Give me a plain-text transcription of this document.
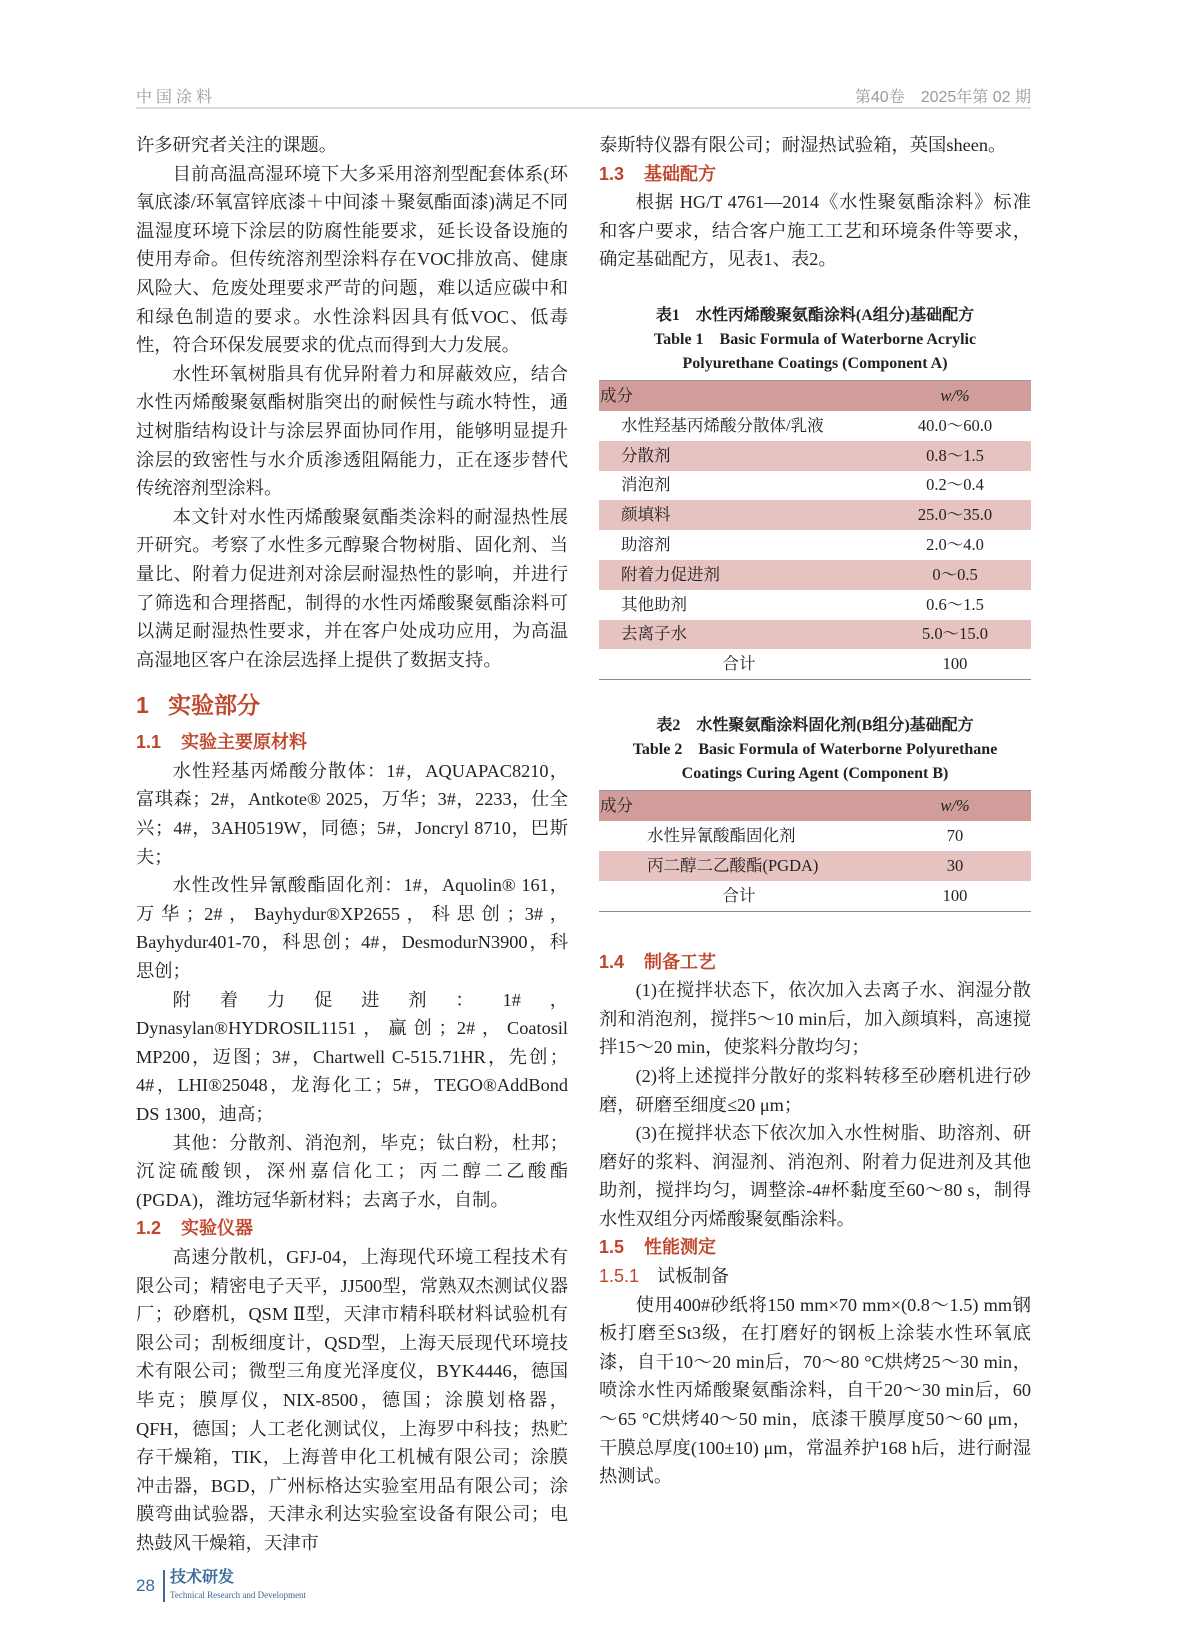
中国涂料	第40卷　2025年第 02 期

许多研究者关注的课题。

目前高温高湿环境下大多采用溶剂型配套体系(环氧底漆/环氧富锌底漆＋中间漆＋聚氨酯面漆)满足不同温湿度环境下涂层的防腐性能要求，延长设备设施的使用寿命。但传统溶剂型涂料存在VOC排放高、健康风险大、危废处理要求严苛的问题，难以适应碳中和和绿色制造的要求。水性涂料因具有低VOC、低毒性，符合环保发展要求的优点而得到大力发展。

水性环氧树脂具有优异附着力和屏蔽效应，结合水性丙烯酸聚氨酯树脂突出的耐候性与疏水特性，通过树脂结构设计与涂层界面协同作用，能够明显提升涂层的致密性与水介质渗透阻隔能力，正在逐步替代传统溶剂型涂料。

本文针对水性丙烯酸聚氨酯类涂料的耐湿热性展开研究。考察了水性多元醇聚合物树脂、固化剂、当量比、附着力促进剂对涂层耐湿热性的影响，并进行了筛选和合理搭配，制得的水性丙烯酸聚氨酯涂料可以满足耐湿热性要求，并在客户处成功应用，为高温高湿地区客户在涂层选择上提供了数据支持。

1 实验部分
1.1 实验主要原材料

水性羟基丙烯酸分散体：1#，AQUAPAC8210，富琪森；2#，Antkote® 2025，万华；3#，2233，仕全兴；4#，3AH0519W，同德；5#，Joncryl 8710，巴斯夫；

水性改性异氰酸酯固化剂：1#，Aquolin® 161，万华；2#，Bayhydur®XP2655，科思创；3#，Bayhydur401-70，科思创；4#，DesmodurN3900，科思创；

附着力促进剂：1#，Dynasylan®HYDROSIL1151，赢创；2#，Coatosil MP200，迈图；3#，Chartwell C-515.71HR，先创；4#，LHI®25048，龙海化工；5#，TEGO®AddBond DS 1300，迪高；

其他：分散剂、消泡剂，毕克；钛白粉，杜邦；沉淀硫酸钡，深州嘉信化工；丙二醇二乙酸酯(PGDA)，潍坊冠华新材料；去离子水，自制。

1.2 实验仪器

高速分散机，GFJ-04，上海现代环境工程技术有限公司；精密电子天平，JJ500型，常熟双杰测试仪器厂；砂磨机，QSM Ⅱ型，天津市精科联材料试验机有限公司；刮板细度计，QSD型，上海天辰现代环境技术有限公司；微型三角度光泽度仪，BYK4446，德国毕克；膜厚仪，NIX-8500，德国；涂膜划格器，QFH，德国；人工老化测试仪，上海罗中科技；热贮存干燥箱，TIK，上海普申化工机械有限公司；涂膜冲击器，BGD，广州标格达实验室用品有限公司；涂膜弯曲试验器，天津永利达实验室设备有限公司；电热鼓风干燥箱，天津市

泰斯特仪器有限公司；耐湿热试验箱，英国sheen。

1.3 基础配方

根据 HG/T 4761—2014《水性聚氨酯涂料》标准和客户要求，结合客户施工工艺和环境条件等要求，确定基础配方，见表1、表2。

表1　水性丙烯酸聚氨酯涂料(A组分)基础配方
Table 1　Basic Formula of Waterborne Acrylic Polyurethane Coatings (Component A)
成分	w/%
水性羟基丙烯酸分散体/乳液	40.0～60.0
分散剂	0.8～1.5
消泡剂	0.2～0.4
颜填料	25.0～35.0
助溶剂	2.0～4.0
附着力促进剂	0～0.5
其他助剂	0.6～1.5
去离子水	5.0～15.0
合计	100
表2　水性聚氨酯涂料固化剂(B组分)基础配方
Table 2　Basic Formula of Waterborne Polyurethane Coatings Curing Agent (Component B)
成分	w/%
水性异氰酸酯固化剂	70
丙二醇二乙酸酯(PGDA)	30
合计	100
1.4 制备工艺

(1)在搅拌状态下，依次加入去离子水、润湿分散剂和消泡剂，搅拌5～10 min后，加入颜填料，高速搅拌15～20 min，使浆料分散均匀；

(2)将上述搅拌分散好的浆料转移至砂磨机进行砂磨，研磨至细度≤20 μm；

(3)在搅拌状态下依次加入水性树脂、助溶剂、研磨好的浆料、润湿剂、消泡剂、附着力促进剂及其他助剂，搅拌均匀，调整涂-4#杯黏度至60～80 s，制得水性双组分丙烯酸聚氨酯涂料。

1.5 性能测定
1.5.1 试板制备

使用400#砂纸将150 mm×70 mm×(0.8～1.5) mm钢板打磨至St3级，在打磨好的钢板上涂装水性环氧底漆，自干10～20 min后，70～80 °C烘烤25～30 min，喷涂水性丙烯酸聚氨酯涂料，自干20～30 min后，60～65 °C烘烤40～50 min，底漆干膜厚度50～60 μm，干膜总厚度(100±10) μm，常温养护168 h后，进行耐湿热测试。

28 技术研发
Technical Research and Development
